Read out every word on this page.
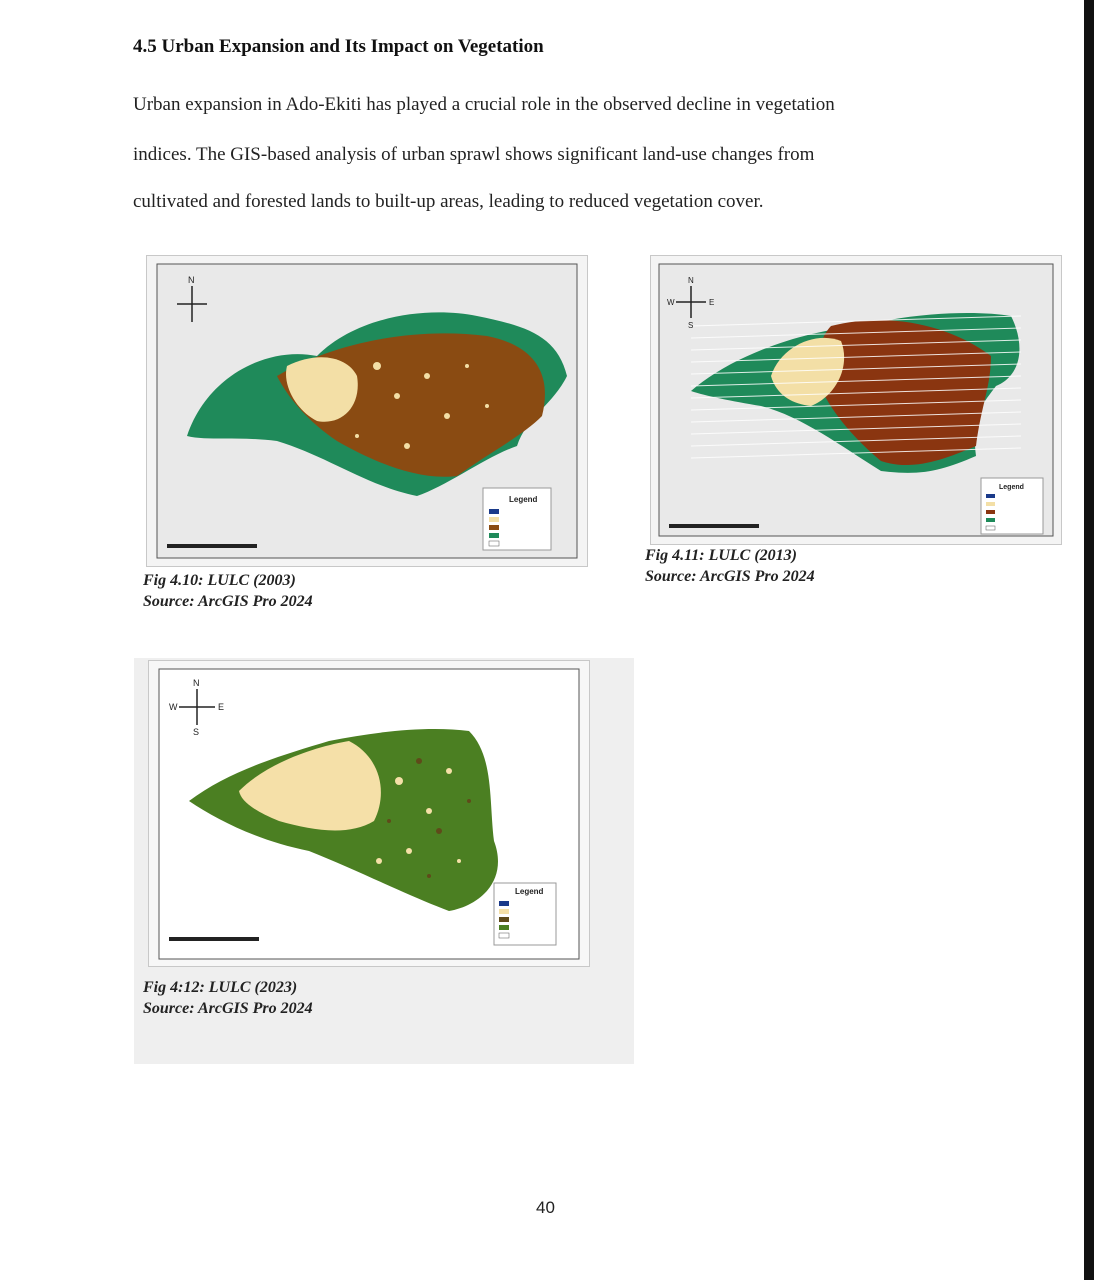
4.5 Urban Expansion and Its Impact on Vegetation

Urban expansion in Ado-Ekiti has played a crucial role in the observed decline in vegetation

indices. The GIS-based analysis of urban sprawl shows significant land-use changes from

cultivated and forested lands to built-up areas, leading to reduced vegetation cover.

N
Legend

Fig 4.10: LULC (2003)

Source: ArcGIS Pro 2024

N
S
E
W
Legend

Fig 4.11: LULC (2013)

Source: ArcGIS Pro 2024

N
S
E
W
Legend

Fig 4:12: LULC (2023)

Source: ArcGIS Pro 2024

40
